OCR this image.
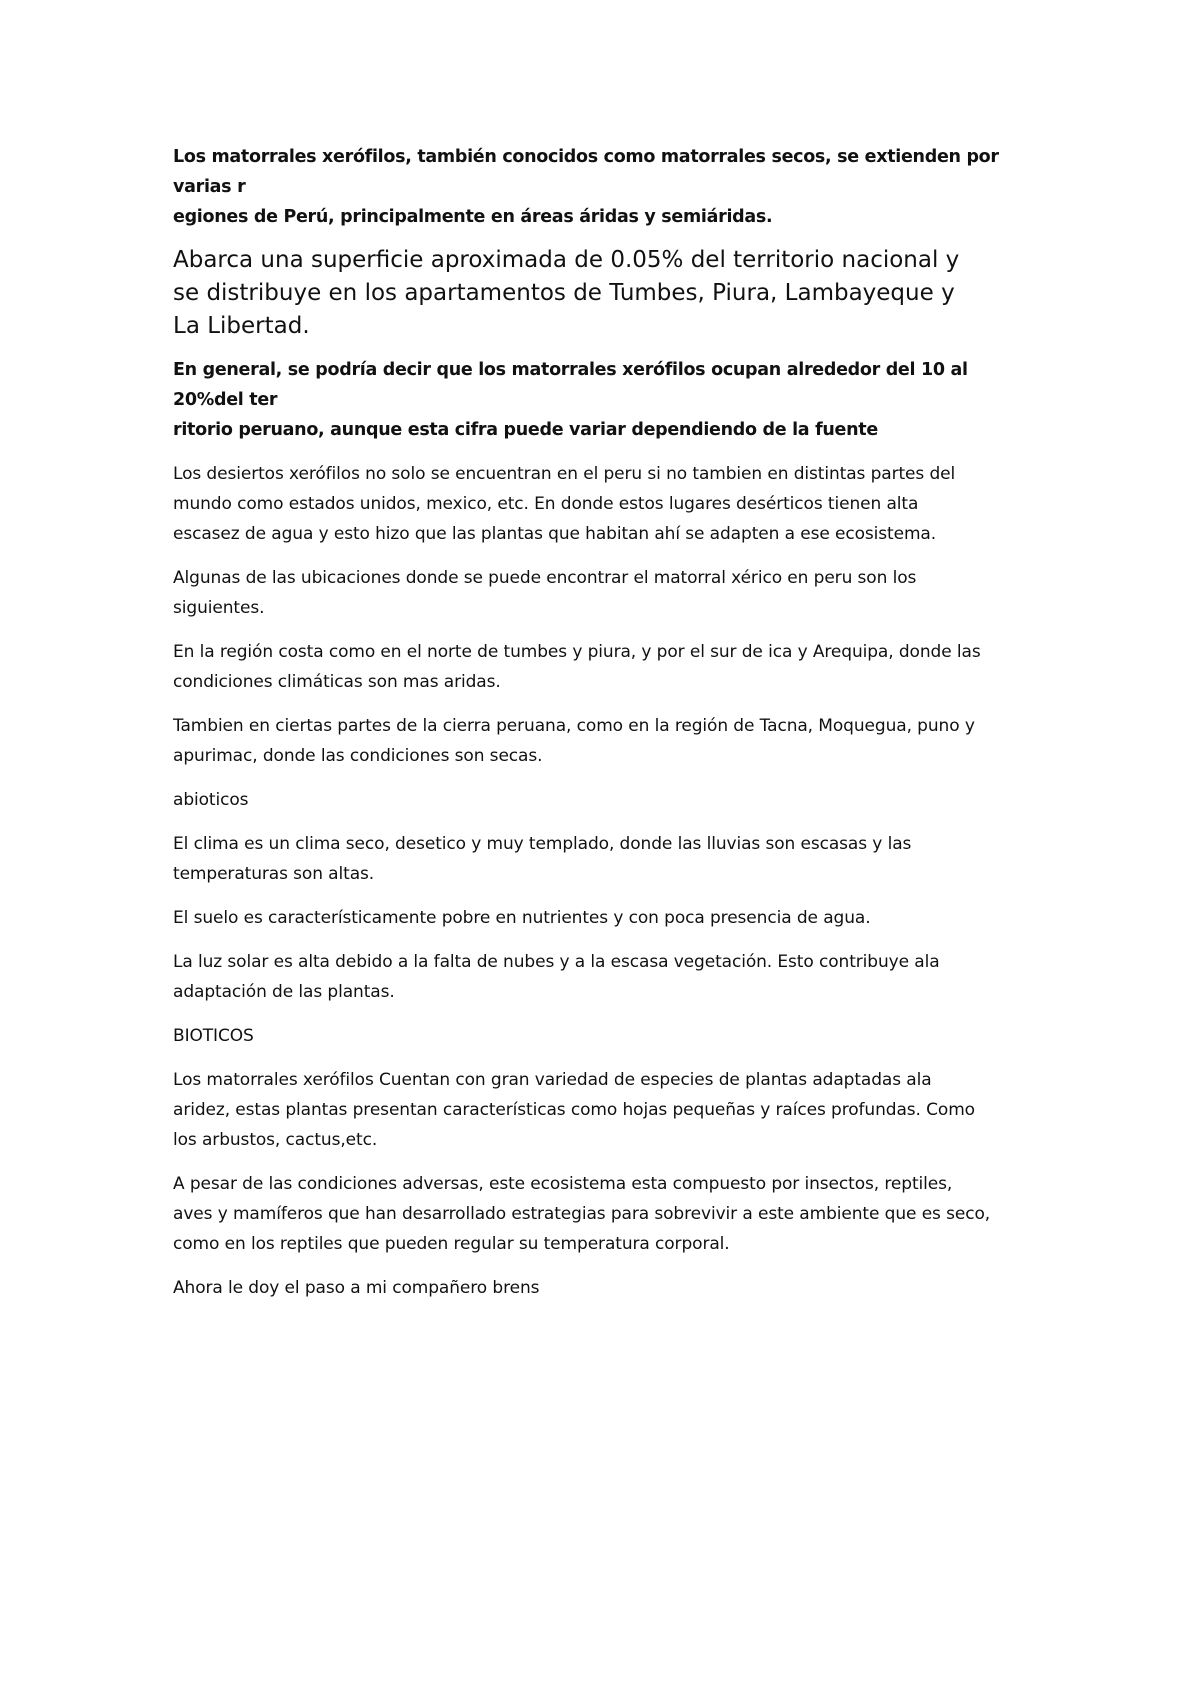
Los matorrales xerófilos, también conocidos como matorrales secos, se extienden por varias r
egiones de Perú, principalmente en áreas áridas y semiáridas.

Abarca una superficie aproximada de 0.05% del territorio nacional y
se distribuye en los apartamentos de Tumbes, Piura, Lambayeque y
La Libertad.

En general, se podría decir que los matorrales xerófilos ocupan alrededor del 10 al 20%del ter
ritorio peruano, aunque esta cifra puede variar dependiendo de la fuente

Los desiertos xerófilos no solo se encuentran en el peru si no tambien en distintas partes del
mundo como estados unidos, mexico, etc. En donde estos lugares desérticos tienen alta
escasez de agua y esto hizo que las plantas que habitan ahí se adapten a ese ecosistema.

Algunas de las ubicaciones donde se puede encontrar el matorral xérico en peru son los
siguientes.

En la región costa como en el norte de tumbes y piura, y por el sur de ica y Arequipa, donde las
condiciones climáticas son mas aridas.

Tambien en ciertas partes de la cierra peruana, como en la región de Tacna, Moquegua, puno y
apurimac, donde las condiciones son secas.

abioticos

El clima es un clima seco, desetico y muy templado, donde las lluvias son escasas y las
temperaturas son altas.

El suelo es característicamente pobre en nutrientes y con poca presencia de agua.

La luz solar es alta debido a la falta de nubes y a la escasa vegetación. Esto contribuye ala
adaptación de las plantas.

BIOTICOS

Los matorrales xerófilos Cuentan con gran variedad de especies de plantas adaptadas ala
aridez, estas plantas presentan características como hojas pequeñas y raíces profundas. Como
los arbustos, cactus,etc.

A pesar de las condiciones adversas, este ecosistema esta compuesto por insectos, reptiles,
aves y mamíferos que han desarrollado estrategias para sobrevivir a este ambiente que es seco,
como en los reptiles que pueden regular su temperatura corporal.

Ahora le doy el paso a mi compañero brens
